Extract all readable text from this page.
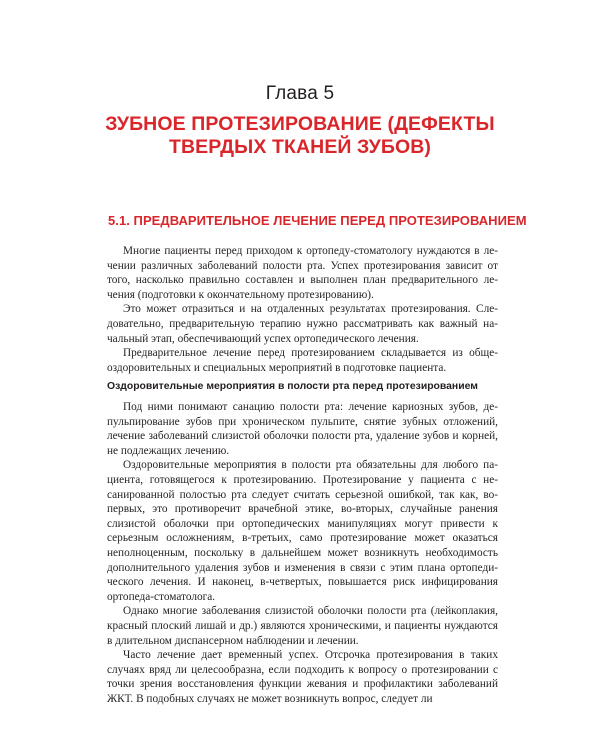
Глава 5
ЗУБНОЕ ПРОТЕЗИРОВАНИЕ (ДЕФЕКТЫ ТВЕРДЫХ ТКАНЕЙ ЗУБОВ)
5.1. ПРЕДВАРИТЕЛЬНОЕ ЛЕЧЕНИЕ ПЕРЕД ПРОТЕЗИРОВАНИЕМ

Многие пациенты перед приходом к ортопеду-стоматологу нуждаются в лечении различных заболеваний полости рта. Успех протезирования зависит от того, насколько правильно составлен и выполнен план предварительного лечения (подготовки к окончательному протезированию).

Это может отразиться и на отдаленных результатах протезирования. Следовательно, предварительную терапию нужно рассматривать как важный начальный этап, обеспечивающий успех ортопедического лечения.

Предварительное лечение перед протезированием складывается из общеоздоровительных и специальных мероприятий в подготовке пациента.

Оздоровительные мероприятия в полости рта перед протезированием

Под ними понимают санацию полости рта: лечение кариозных зубов, депульпирование зубов при хроническом пульпите, снятие зубных отложений, лечение заболеваний слизистой оболочки полости рта, удаление зубов и корней, не подлежащих лечению.

Оздоровительные мероприятия в полости рта обязательны для любого пациента, готовящегося к протезированию. Протезирование у пациента с несанированной полостью рта следует считать серьезной ошибкой, так как, во-первых, это противоречит врачебной этике, во-вторых, случайные ранения слизистой оболочки при ортопедических манипуляциях могут привести к серьезным осложнениям, в-третьих, само протезирование может оказаться неполноценным, поскольку в дальнейшем может возникнуть необходимость дополнительного удаления зубов и изменения в связи с этим плана ортопедического лечения. И наконец, в-четвертых, повышается риск инфицирования ортопеда-стоматолога.

Однако многие заболевания слизистой оболочки полости рта (лейкоплакия, красный плоский лишай и др.) являются хроническими, и пациенты нуждаются в длительном диспансерном наблюдении и лечении.

Часто лечение дает временный успех. Отсрочка протезирования в таких случаях вряд ли целесообразна, если подходить к вопросу о протезировании с точки зрения восстановления функции жевания и профилактики заболеваний ЖКТ. В подобных случаях не может возникнуть вопрос, следует ли
